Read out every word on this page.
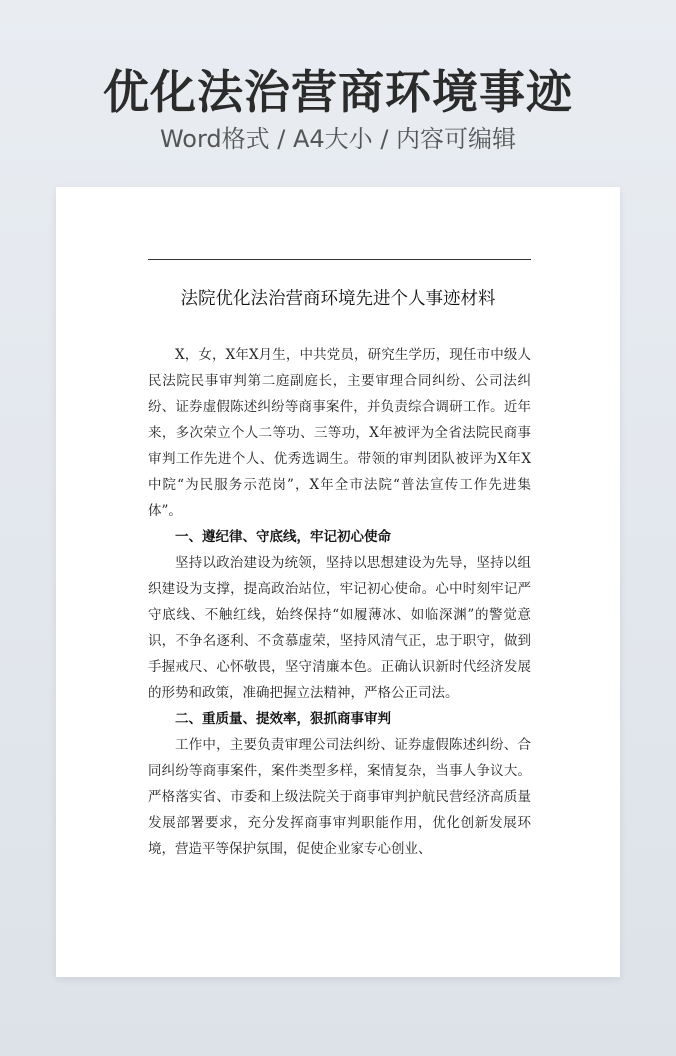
优化法治营商环境事迹
Word格式 / A4大小 / 内容可编辑
法院优化法治营商环境先进个人事迹材料

X，女，X年X月生，中共党员，研究生学历，现任市中级人民法院民事审判第二庭副庭长，主要审理合同纠纷、公司法纠纷、证券虚假陈述纠纷等商事案件，并负责综合调研工作。近年来，多次荣立个人二等功、三等功，X年被评为全省法院民商事审判工作先进个人、优秀选调生。带领的审判团队被评为X年X中院“为民服务示范岗”，X年全市法院“普法宣传工作先进集体”。

一、遵纪律、守底线，牢记初心使命

坚持以政治建设为统领，坚持以思想建设为先导，坚持以组织建设为支撑，提高政治站位，牢记初心使命。心中时刻牢记严守底线、不触红线，始终保持“如履薄冰、如临深渊”的警觉意识，不争名逐利、不贪慕虚荣，坚持风清气正，忠于职守，做到手握戒尺、心怀敬畏，坚守清廉本色。正确认识新时代经济发展的形势和政策，准确把握立法精神，严格公正司法。

二、重质量、提效率，狠抓商事审判

工作中，主要负责审理公司法纠纷、证券虚假陈述纠纷、合同纠纷等商事案件，案件类型多样，案情复杂，当事人争议大。严格落实省、市委和上级法院关于商事审判护航民营经济高质量发展部署要求，充分发挥商事审判职能作用，优化创新发展环境，营造平等保护氛围，促使企业家专心创业、
